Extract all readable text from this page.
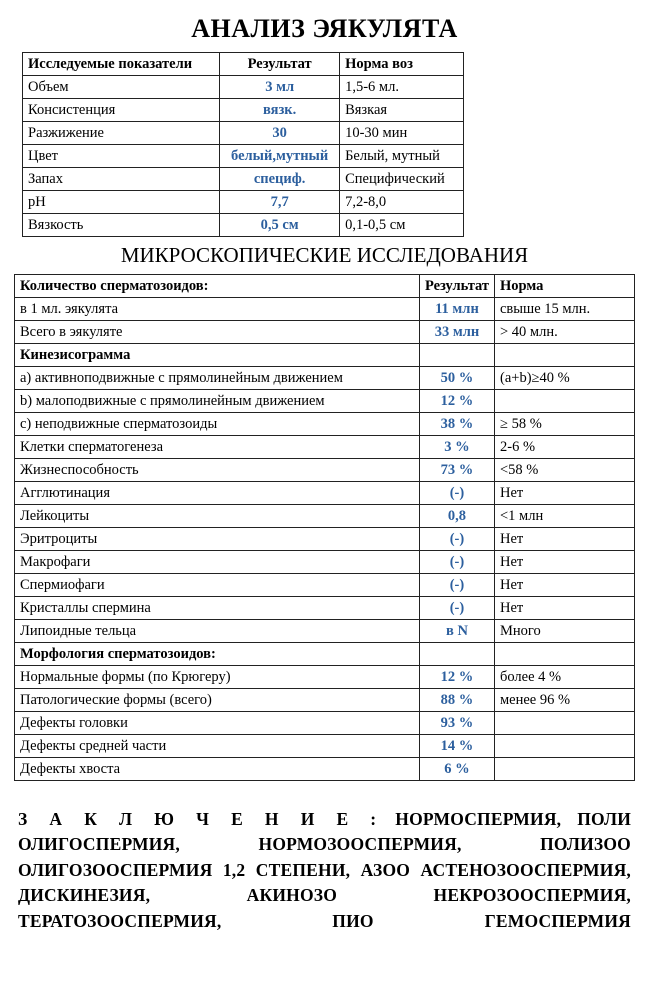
АНАЛИЗ ЭЯКУЛЯТА
Исследуемые показатели	Результат	Норма воз
Объем	3 мл	1,5-6 мл.
Консистенция	вязк.	Вязкая
Разжижение	30	10-30 мин
Цвет	белый,мутный	Белый, мутный
Запах	специф.	Специфический
pH	7,7	7,2-8,0
Вязкость	0,5 см	0,1-0,5 см
МИКРОСКОПИЧЕСКИЕ ИССЛЕДОВАНИЯ
Количество сперматозоидов:	Результат	Норма
в 1 мл. эякулята	11 млн	свыше 15 млн.
Всего в эякуляте	33 млн	> 40 млн.
Кинезисограмма		
а) активноподвижные с прямолинейным движением	50 %	(a+b)≥40 %
b) малоподвижные с прямолинейным движением	12 %	
с) неподвижные сперматозоиды	38 %	≥ 58 %
Клетки сперматогенеза	3 %	2-6 %
Жизнеспособность	73 %	<58 %
Агглютинация	(-)	Нет
Лейкоциты	0,8	<1 млн
Эритроциты	(-)	Нет
Макрофаги	(-)	Нет
Спермиофаги	(-)	Нет
Кристаллы спермина	(-)	Нет
Липоидные тельца	в N	Много
Морфология сперматозоидов:		
Нормальные формы (по Крюгеру)	12 %	более 4 %
Патологические формы (всего)	88 %	менее 96 %
Дефекты головки	93 %	
Дефекты средней части	14 %	
Дефекты хвоста	6 %	
З А К Л Ю Ч Е Н И Е : НОРМОСПЕРМИЯ, ПОЛИ ОЛИГОСПЕРМИЯ, НОРМОЗООСПЕРМИЯ, ПОЛИЗОО ОЛИГОЗООСПЕРМИЯ 1,2 СТЕПЕНИ, АЗОО АСТЕНОЗООСПЕРМИЯ, ДИСКИНЕЗИЯ, АКИНОЗО НЕКРОЗООСПЕРМИЯ, ТЕРАТОЗООСПЕРМИЯ, ПИО ГЕМОСПЕРМИЯ
